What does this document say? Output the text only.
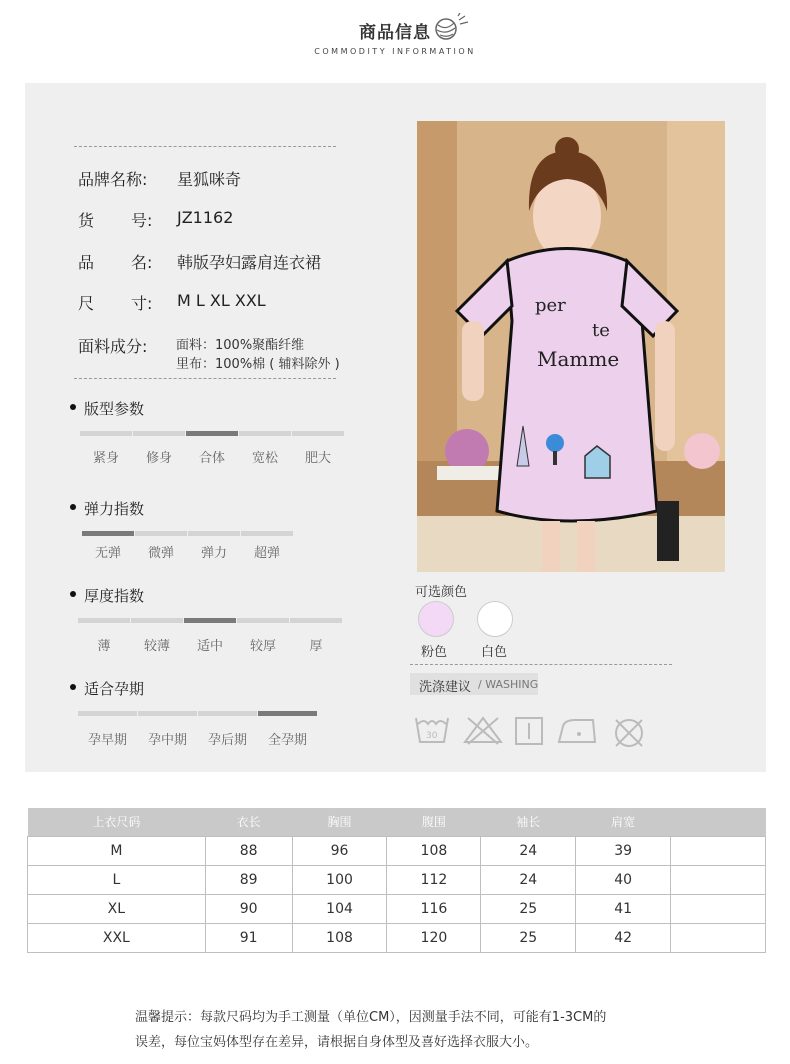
商品信息
COMMODITY INFORMATION
品牌名称: 星狐咪奇
货 号: JZ1162
品 名: 韩版孕妇露肩连衣裙
尺 寸: M L XL XXL
面料成分: 面料：100%聚酯纤维
里布：100%棉 ( 辅料除外 )
版型参数
紧身	修身	合体	宽松	肥大
弹力指数
无弹	微弹	弹力	超弹
厚度指数
薄	较薄	适中	较厚	厚
适合孕期
孕早期	孕中期	孕后期	全孕期
per
te
Mamme
可选颜色
粉色	白色
洗涤建议 / WASHING
30
上衣尺码	衣长	胸围	腹围	袖长	肩宽	
M	88	96	108	24	39	
L	89	100	112	24	40	
XL	90	104	116	25	41	
XXL	91	108	120	25	42	
温馨提示：每款尺码均为手工测量（单位CM），因测量手法不同，可能有1-3CM的
误差，每位宝妈体型存在差异，请根据自身体型及喜好选择衣服大小。
